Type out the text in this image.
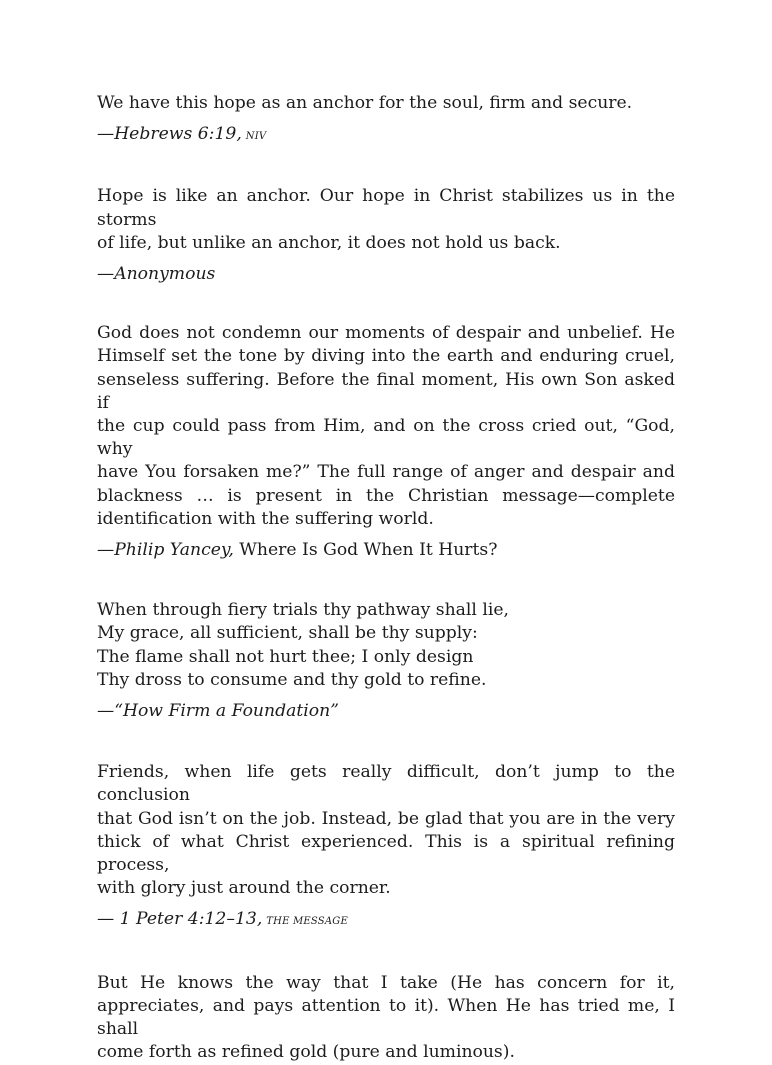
We have this hope as an anchor for the soul, firm and secure.

—Hebrews 6:19, NIV

Hope is like an anchor. Our hope in Christ stabilizes us in the storms
of life, but unlike an anchor, it does not hold us back.

—Anonymous

God does not condemn our moments of despair and unbelief. He
Himself set the tone by diving into the earth and enduring cruel,
senseless suffering. Before the final moment, His own Son asked if
the cup could pass from Him, and on the cross cried out, “God, why
have You forsaken me?” The full range of anger and despair and
blackness … is present in the Christian message—complete
identification with the suffering world.

—Philip Yancey, Where Is God When It Hurts?

When through fiery trials thy pathway shall lie,
My grace, all sufficient, shall be thy supply:
The flame shall not hurt thee; I only design
Thy dross to consume and thy gold to refine.

—“How Firm a Foundation”

Friends, when life gets really difficult, don’t jump to the conclusion
that God isn’t on the job. Instead, be glad that you are in the very
thick of what Christ experienced. This is a spiritual refining process,
with glory just around the corner.

— 1 Peter 4:12–13, THE MESSAGE

But He knows the way that I take (He has concern for it,
appreciates, and pays attention to it). When He has tried me, I shall
come forth as refined gold (pure and luminous).
